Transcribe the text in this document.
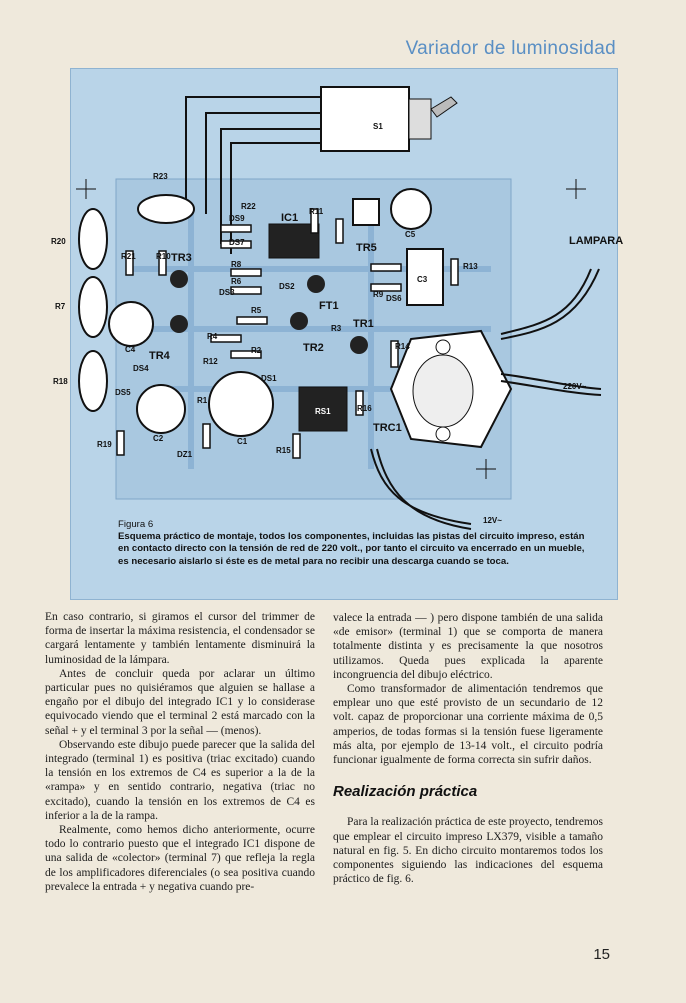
Variador de luminosidad
S1
R23
R20
R7
R18
IC1
TR5
C5
C3
C4
C2	C1
RS1
TRC1
R22
R11
DS9
DS7	LAMPARA
R21	R10 TR3
R8
R6
DS2
DS3
R13
R9 DS6
FT1
R5
R4
R3 TR1
TR4	R2	TR2	R14
R12
DS4
DS5
DS1
R1
R16
220V~
R19
DZ1	R15
12V~
Figura 6
Esquema práctico de montaje, todos los componentes, incluidas las pistas del circuito impreso, están en contacto directo con la tensión de red de 220 volt., por tanto el circuito va encerrado en un mueble, es necesario aislarlo si éste es de metal para no recibir una descarga cuando se toca.

En caso contrario, si giramos el cursor del trimmer de forma de insertar la máxima resistencia, el condensador se cargará lentamente y también lentamente disminuirá la luminosidad de la lámpara.

Antes de concluir queda por aclarar un último particular pues no quisiéramos que alguien se hallase a engaño por el dibujo del integrado IC1 y lo considerase equivocado viendo que el terminal 2 está marcado con la señal + y el terminal 3 por la señal — (menos).

Observando este dibujo puede parecer que la salida del integrado (terminal 1) es positiva (triac excitado) cuando la tensión en los extremos de C4 es superior a la de la «rampa» y en sentido contrario, negativa (triac no excitado), cuando la tensión en los extremos de C4 es inferior a la de la rampa.

Realmente, como hemos dicho anteriormente, ocurre todo lo contrario puesto que el integrado IC1 dispone de una salida de «colector» (terminal 7) que refleja la regla de los amplificadores diferenciales (o sea positiva cuando prevalece la entrada + y negativa cuando pre-

valece la entrada — ) pero dispone también de una salida «de emisor» (terminal 1) que se comporta de manera totalmente distinta y es precisamente la que nosotros utilizamos. Queda pues explicada la aparente incongruencia del dibujo eléctrico.

Como transformador de alimentación tendremos que emplear uno que esté provisto de un secundario de 12 volt. capaz de proporcionar una corriente máxima de 0,5 amperios, de todas formas si la tensión fuese ligeramente más alta, por ejemplo de 13-14 volt., el circuito podría funcionar igualmente de forma correcta sin sufrir daños.

Realización práctica

Para la realización práctica de este proyecto, tendremos que emplear el circuito impreso LX379, visible a tamaño natural en fig. 5. En dicho circuito montaremos todos los componentes siguiendo las indicaciones del esquema práctico de fig. 6.

15
